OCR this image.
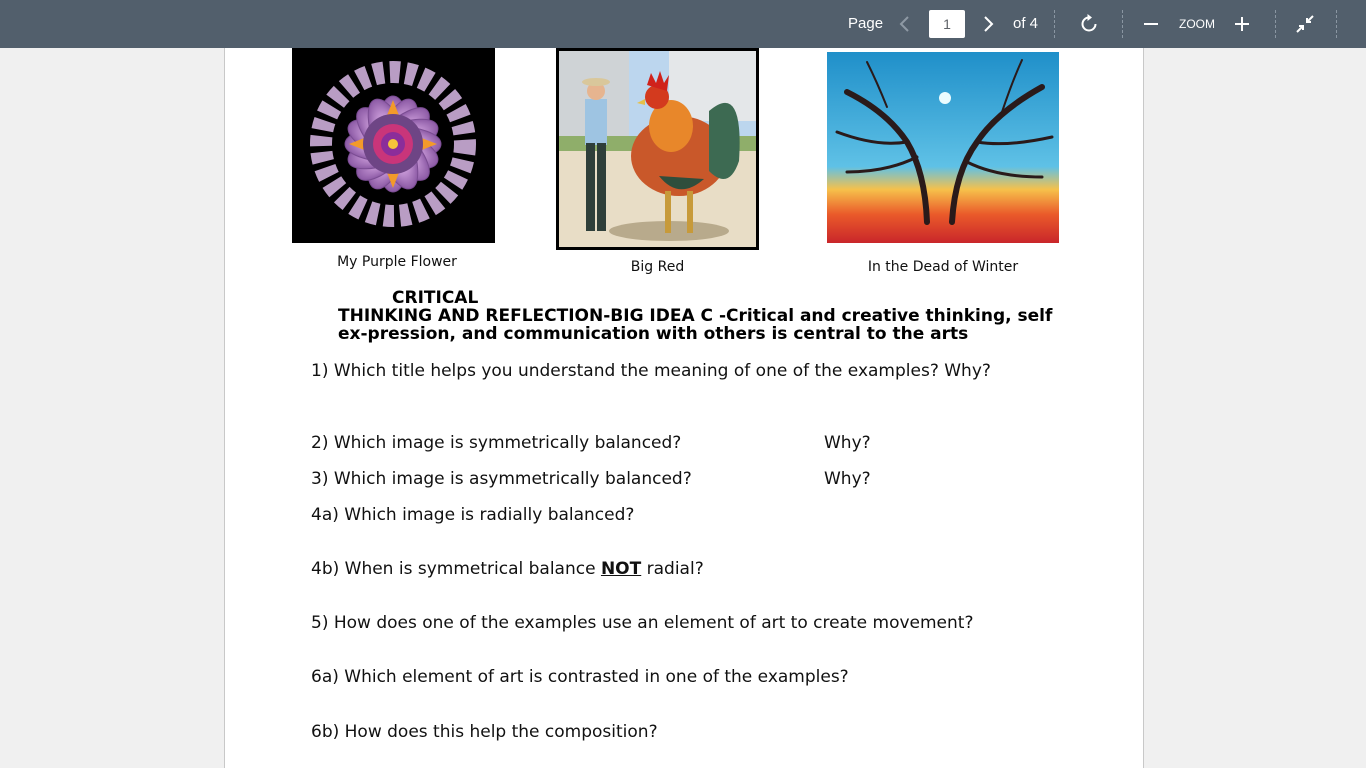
Page
1	of 4	ZOOM
My Purple Flower	Big Red	In the Dead of Winter
CRITICAL
THINKING AND REFLECTION-BIG IDEA C -Critical and creative thinking, self ex-pression, and communication with others is central to the arts
1) Which title helps you understand the meaning of one of the examples? Why?
2) Which image is symmetrically balanced?	Why?
3) Which image is asymmetrically balanced?	Why?
4a) Which image is radially balanced?
4b) When is symmetrical balance NOT radial?
5) How does one of the examples use an element of art to create movement?
6a) Which element of art is contrasted in one of the examples?
6b) How does this help the composition?
